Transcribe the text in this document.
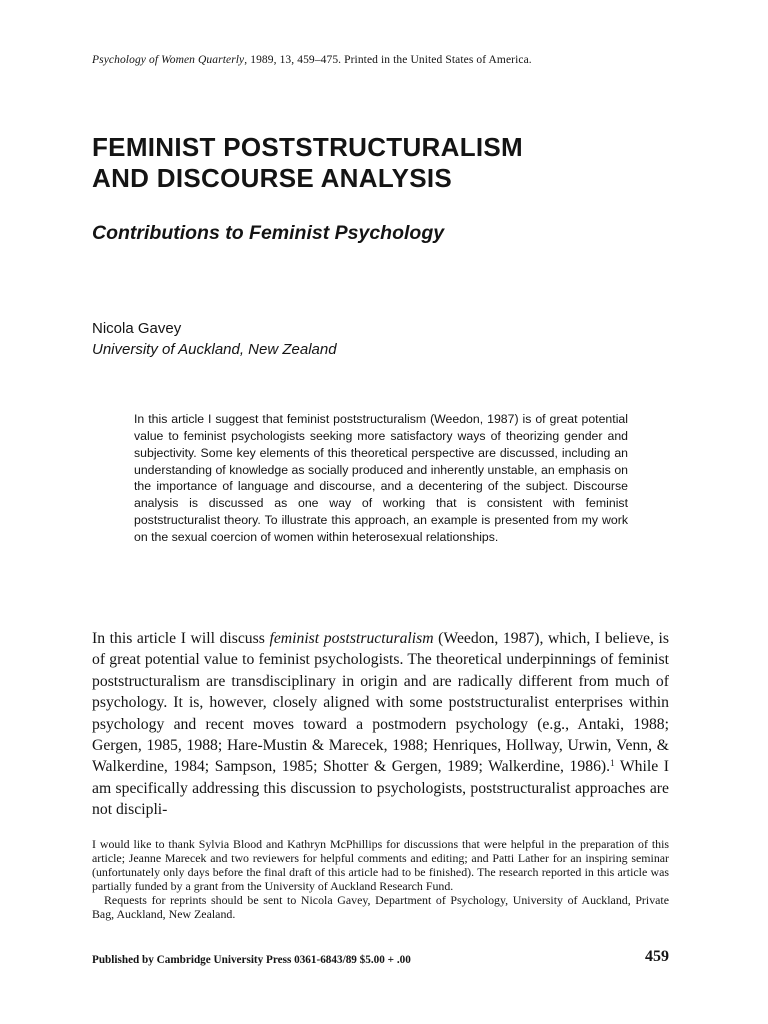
Psychology of Women Quarterly, 1989, 13, 459–475. Printed in the United States of America.
FEMINIST POSTSTRUCTURALISM
AND DISCOURSE ANALYSIS
Contributions to Feminist Psychology
Nicola Gavey
University of Auckland, New Zealand

In this article I suggest that feminist poststructuralism (Weedon, 1987) is of great potential value to feminist psychologists seeking more satisfactory ways of theorizing gender and subjectivity. Some key elements of this theoretical perspective are discussed, including an understanding of knowledge as socially produced and inherently unstable, an emphasis on the importance of language and discourse, and a decentering of the subject. Discourse analysis is discussed as one way of working that is consistent with feminist poststructuralist theory. To illustrate this approach, an example is presented from my work on the sexual coercion of women within heterosexual relationships.

In this article I will discuss feminist poststructuralism (Weedon, 1987), which, I believe, is of great potential value to feminist psychologists. The theoretical underpinnings of feminist poststructuralism are transdisciplinary in origin and are radically different from much of psychology. It is, however, closely aligned with some poststructuralist enterprises within psychology and recent moves toward a postmodern psychology (e.g., Antaki, 1988; Gergen, 1985, 1988; Hare-Mustin & Marecek, 1988; Henriques, Hollway, Urwin, Venn, & Walkerdine, 1984; Sampson, 1985; Shotter & Gergen, 1989; Walkerdine, 1986).$^1$ While I am specifically addressing this discussion to psychologists, poststructuralist approaches are not discipli-

I would like to thank Sylvia Blood and Kathryn McPhillips for discussions that were helpful in the preparation of this article; Jeanne Marecek and two reviewers for helpful comments and editing; and Patti Lather for an inspiring seminar (unfortunately only days before the final draft of this article had to be finished). The research reported in this article was partially funded by a grant from the University of Auckland Research Fund.

Requests for reprints should be sent to Nicola Gavey, Department of Psychology, University of Auckland, Private Bag, Auckland, New Zealand.

Published by Cambridge University Press 0361-6843/89 $5.00 + .00	459
